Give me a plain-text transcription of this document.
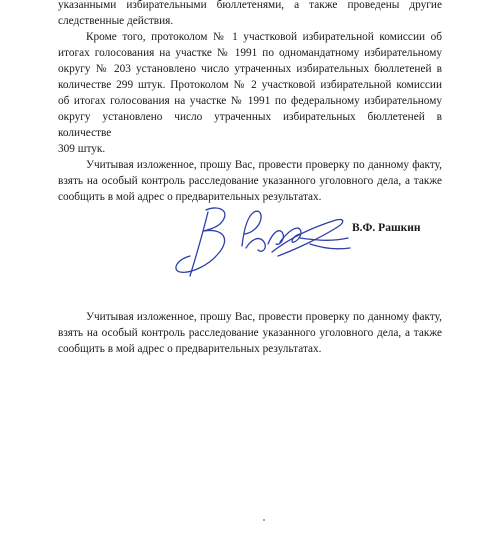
указанными избирательными бюллетенями, а также проведены другие
следственные действия.

Кроме того, протоколом № 1 участковой избирательной комиссии об
итогах голосования на участке № 1991 по одномандатному избирательному
округу № 203 установлено число утраченных избирательных бюллетеней в
количестве 299 штук. Протоколом № 2 участковой избирательной комиссии
об итогах голосования на участке № 1991 по федеральному избирательному
округу установлено число утраченных избирательных бюллетеней в количестве
309 штук.

Учитывая изложенное, прошу Вас, провести проверку по данному факту,
взять на особый контроль расследование указанного уголовного дела, а также
сообщить в мой адрес о предварительных результатах.

В.Ф. Рашкин

Учитывая изложенное, прошу Вас, провести проверку по данному факту,
взять на особый контроль расследование указанного уголовного дела, а также
сообщить в мой адрес о предварительных результатах.
